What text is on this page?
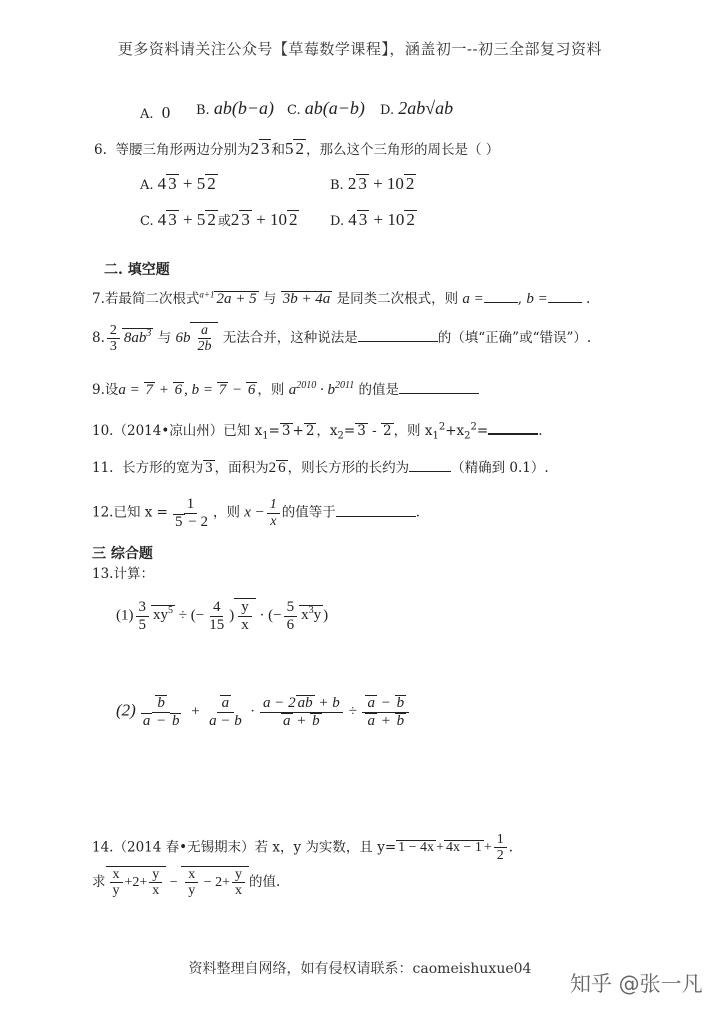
更多资料请关注公众号【草莓数学课程】，涵盖初一--初三全部复习资料
A. 0 B. ab(b−a) C. ab(a−b) D. 2ab√ab
6. 等腰三角形两边分别为2 3 和5 2 ，那么这个三角形的周长是（ ）
A. 4 3 + 5 2	B. 2 3 + 10 2
C. 4 3 + 5 2 或2 3 + 10 2	D. 4 3 + 10 2
二. 填空题
7.若最简二次根式$^{a+1}$ 2a + 5 与 3b + 4a 是同类二次根式，则 a =	, b =	.
8. $\frac{2}{3} 8ab^3$ 与 $6b \frac{a}{2b}$ 无法合并，这种说法是	的（填“正确”或“错误”）.
9.设a = 7 + 6 , b = 7 − 6 ，则 $a^{2010} \cdot b^{2011}$ 的值是
10.（2014•凉山州）已知 $x_1= 3 + 2$ ，$x_2= 3 - 2$ ，则 $x_1^2+x_2^2=$	.
11. 长方形的宽为 3 ，面积为2 6 ，则长方形的长约为	（精确到 0.1）.
12.已知 $x = \frac{1}{5 - 2}$ ，则 $x - \frac{1}{x}$ 的值等于	.
三 综合题
13.计算：
$(1) \frac{3}{5} xy^5$ ÷ (− $\frac{4}{15}$ ) $\frac{y}{x}$ · (− $\frac{5}{6} x^3y$ )
$(2) \frac{b}{a - b} + \frac{a}{a - b} \cdot \frac{a - 2 ab + b}{a + b} \div \frac{a - b}{a + b}$
14.（2014 春•无锡期末）若 x，y 为实数，且 $y= 1 - 4x + 4x - 1 + \frac{1}{2}$ .
求 $\frac{x}{y} +2+ \frac{y}{x} - \frac{x}{y} - 2+ \frac{y}{x}$ 的值.
资料整理自网络，如有侵权请联系：caomeishuxue04
知乎 @张一凡
